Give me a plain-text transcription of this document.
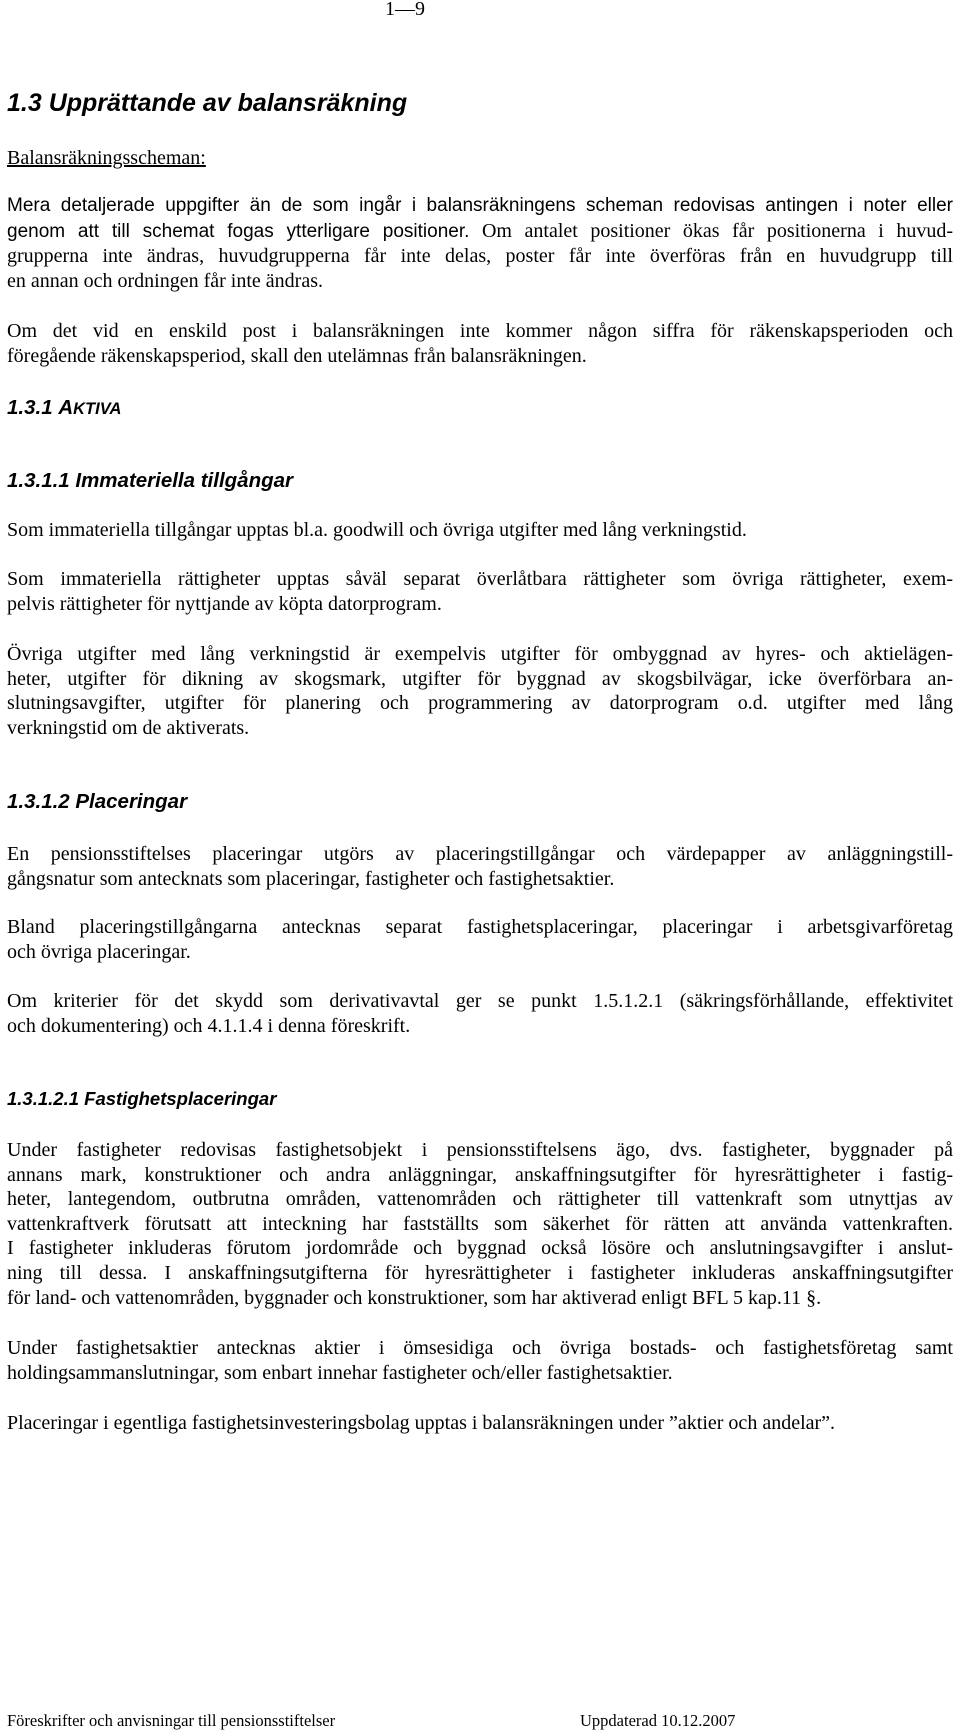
1—9
1.3 Upprättande av balansräkning
Balansräkningsscheman:
Mera detaljerade uppgifter än de som ingår i balansräkningens scheman redovisas antingen i noter eller
genom att till schemat fogas ytterligare positioner. Om antalet positioner ökas får positionerna i huvud-
grupperna inte ändras, huvudgrupperna får inte delas, poster får inte överföras från en huvudgrupp till
en annan och ordningen får inte ändras.
Om det vid en enskild post i balansräkningen inte kommer någon siffra för räkenskapsperioden och
föregående räkenskapsperiod, skall den utelämnas från balansräkningen.
1.3.1 AKTIVA
1.3.1.1 Immateriella tillgångar
Som immateriella tillgångar upptas bl.a. goodwill och övriga utgifter med lång verkningstid.
Som immateriella rättigheter upptas såväl separat överlåtbara rättigheter som övriga rättigheter, exem-
pelvis rättigheter för nyttjande av köpta datorprogram.
Övriga utgifter med lång verkningstid är exempelvis utgifter för ombyggnad av hyres- och aktielägen-
heter, utgifter för dikning av skogsmark, utgifter för byggnad av skogsbilvägar, icke överförbara an-
slutningsavgifter, utgifter för planering och programmering av datorprogram o.d. utgifter med lång
verkningstid om de aktiverats.
1.3.1.2 Placeringar
En pensionsstiftelses placeringar utgörs av placeringstillgångar och värdepapper av anläggningstill-
gångsnatur som antecknats som placeringar, fastigheter och fastighetsaktier.
Bland placeringstillgångarna antecknas separat fastighetsplaceringar, placeringar i arbetsgivarföretag
och övriga placeringar.
Om kriterier för det skydd som derivativavtal ger se punkt 1.5.1.2.1 (säkringsförhållande, effektivitet
och dokumentering) och 4.1.1.4 i denna föreskrift.
1.3.1.2.1 Fastighetsplaceringar
Under fastigheter redovisas fastighetsobjekt i pensionsstiftelsens ägo, dvs. fastigheter, byggnader på
annans mark, konstruktioner och andra anläggningar, anskaffningsutgifter för hyresrättigheter i fastig-
heter, lantegendom, outbrutna områden, vattenområden och rättigheter till vattenkraft som utnyttjas av
vattenkraftverk förutsatt att inteckning har fastställts som säkerhet för rätten att använda vattenkraften.
I fastigheter inkluderas förutom jordområde och byggnad också lösöre och anslutningsavgifter i anslut-
ning till dessa. I anskaffningsutgifterna för hyresrättigheter i fastigheter inkluderas anskaffningsutgifter
för land- och vattenområden, byggnader och konstruktioner, som har aktiverad enligt BFL 5 kap.11 §.
Under fastighetsaktier antecknas aktier i ömsesidiga och övriga bostads- och fastighetsföretag samt
holdingsammanslutningar, som enbart innehar fastigheter och/eller fastighetsaktier.
Placeringar i egentliga fastighetsinvesteringsbolag upptas i balansräkningen under ”aktier och andelar”.
Föreskrifter och anvisningar till pensionsstiftelser	Uppdaterad 10.12.2007
